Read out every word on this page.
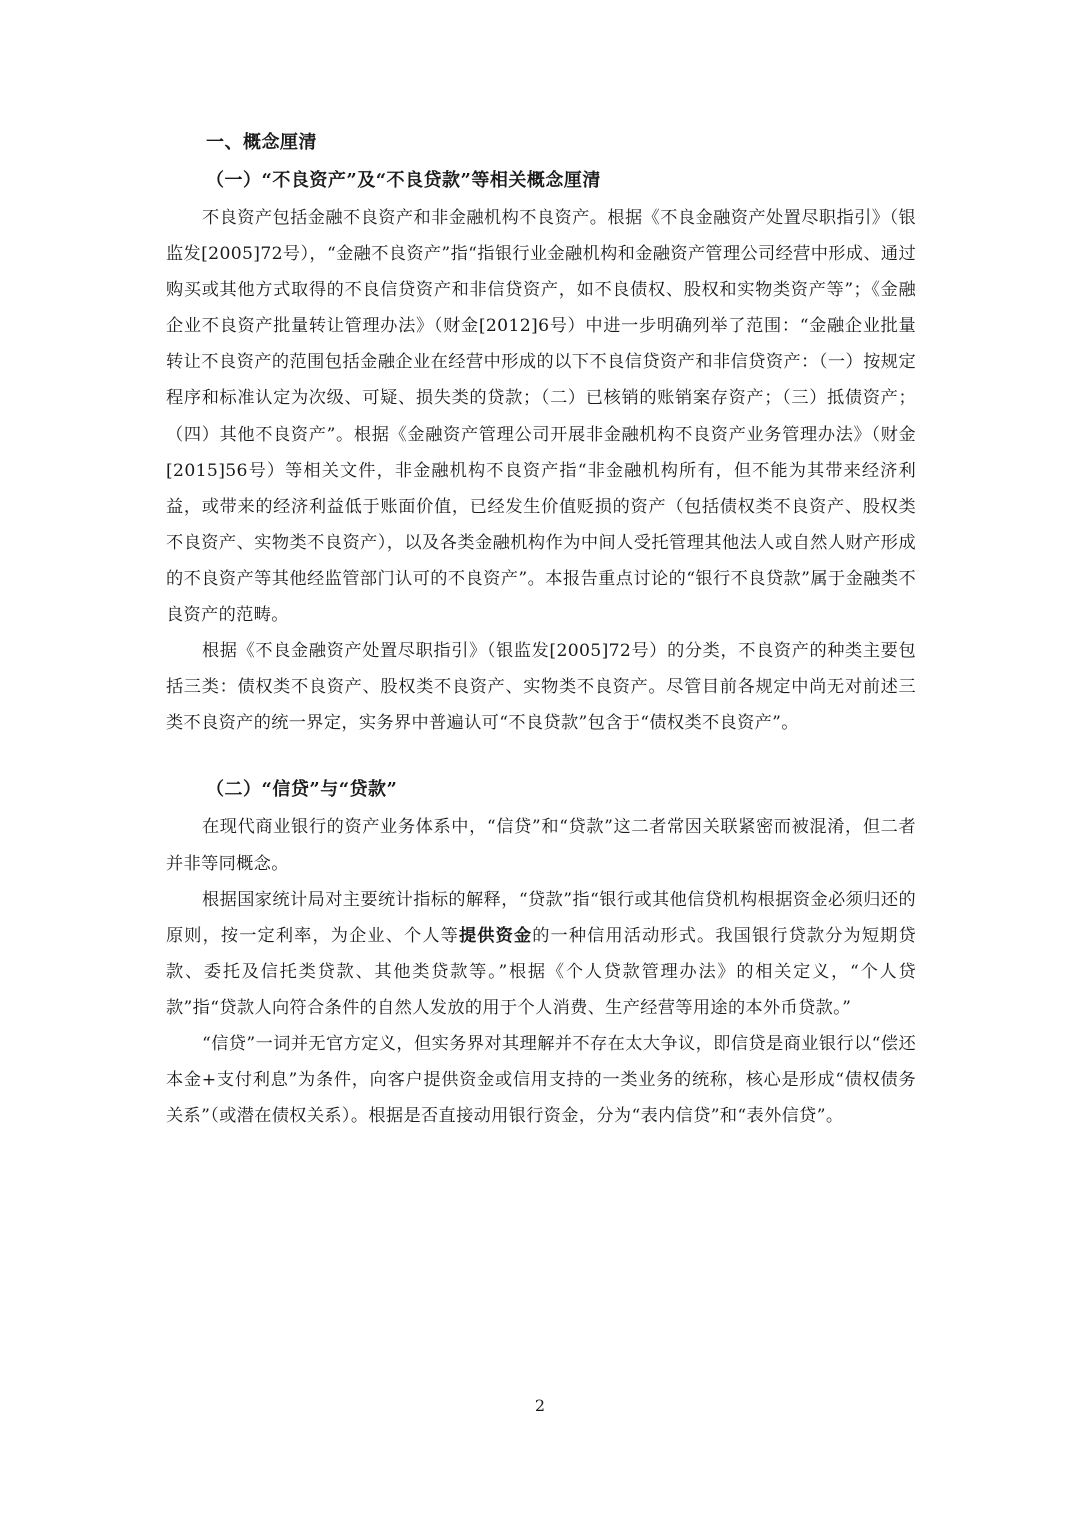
一、概念厘清

（一）“不良资产”及“不良贷款”等相关概念厘清

不良资产包括金融不良资产和非金融机构不良资产。根据《不良金融资产处置尽职指引》（银监发[2005]72号），“金融不良资产”指“指银行业金融机构和金融资产管理公司经营中形成、通过购买或其他方式取得的不良信贷资产和非信贷资产，如不良债权、股权和实物类资产等”；《金融企业不良资产批量转让管理办法》（财金[2012]6号）中进一步明确列举了范围：“金融企业批量转让不良资产的范围包括金融企业在经营中形成的以下不良信贷资产和非信贷资产：（一）按规定程序和标准认定为次级、可疑、损失类的贷款；（二）已核销的账销案存资产；（三）抵债资产；（四）其他不良资产”。根据《金融资产管理公司开展非金融机构不良资产业务管理办法》（财金[2015]56号）等相关文件，非金融机构不良资产指“非金融机构所有，但不能为其带来经济利益，或带来的经济利益低于账面价值，已经发生价值贬损的资产（包括债权类不良资产、股权类不良资产、实物类不良资产），以及各类金融机构作为中间人受托管理其他法人或自然人财产形成的不良资产等其他经监管部门认可的不良资产”。本报告重点讨论的“银行不良贷款”属于金融类不良资产的范畴。

根据《不良金融资产处置尽职指引》（银监发[2005]72号）的分类，不良资产的种类主要包括三类：债权类不良资产、股权类不良资产、实物类不良资产。尽管目前各规定中尚无对前述三类不良资产的统一界定，实务界中普遍认可“不良贷款”包含于“债权类不良资产”。

（二）“信贷”与“贷款”

在现代商业银行的资产业务体系中，“信贷”和“贷款”这二者常因关联紧密而被混淆，但二者并非等同概念。

根据国家统计局对主要统计指标的解释，“贷款”指“银行或其他信贷机构根据资金必须归还的原则，按一定利率，为企业、个人等提供资金的一种信用活动形式。我国银行贷款分为短期贷款、委托及信托类贷款、其他类贷款等。”根据《个人贷款管理办法》的相关定义，“个人贷款”指“贷款人向符合条件的自然人发放的用于个人消费、生产经营等用途的本外币贷款。”

“信贷”一词并无官方定义，但实务界对其理解并不存在太大争议，即信贷是商业银行以“偿还本金+支付利息”为条件，向客户提供资金或信用支持的一类业务的统称，核心是形成“债权债务关系”（或潜在债权关系）。根据是否直接动用银行资金，分为“表内信贷”和“表外信贷”。

2
